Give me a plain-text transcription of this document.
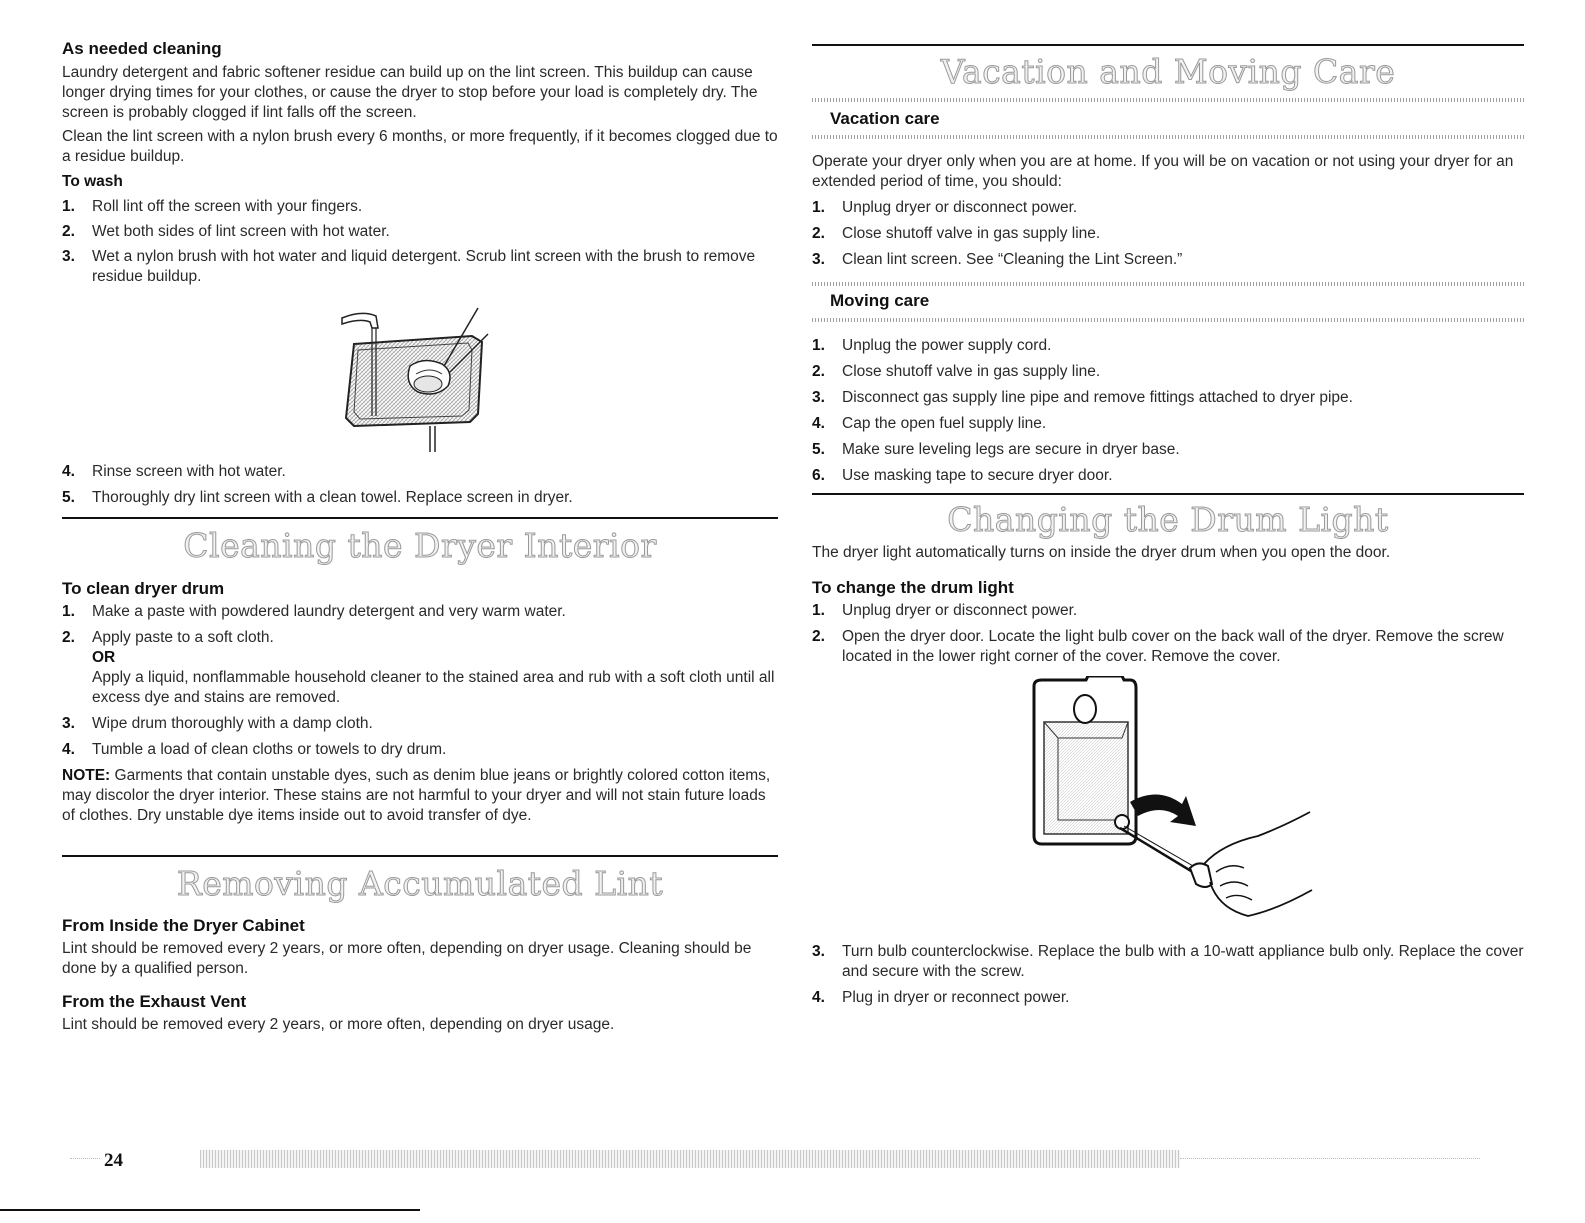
As needed cleaning

Laundry detergent and fabric softener residue can build up on the lint screen. This buildup can cause longer drying times for your clothes, or cause the dryer to stop before your load is completely dry. The screen is probably clogged if lint falls off the screen.

Clean the lint screen with a nylon brush every 6 months, or more frequently, if it becomes clogged due to a residue buildup.

To wash
1.	Roll lint off the screen with your fingers.
2.	Wet both sides of lint screen with hot water.
3.	Wet a nylon brush with hot water and liquid detergent. Scrub lint screen with the brush to remove residue buildup.
4.	Rinse screen with hot water.
5.	Thoroughly dry lint screen with a clean towel. Replace screen in dryer.
Cleaning the Dryer Interior
To clean dryer drum
1.	Make a paste with powdered laundry detergent and very warm water.
2.	Apply paste to a soft cloth.
OR
Apply a liquid, nonflammable household cleaner to the stained area and rub with a soft cloth until all excess dye and stains are removed.
3.	Wipe drum thoroughly with a damp cloth.
4.	Tumble a load of clean cloths or towels to dry drum.

NOTE: Garments that contain unstable dyes, such as denim blue jeans or brightly colored cotton items, may discolor the dryer interior. These stains are not harmful to your dryer and will not stain future loads of clothes. Dry unstable dye items inside out to avoid transfer of dye.

Removing Accumulated Lint
From Inside the Dryer Cabinet

Lint should be removed every 2 years, or more often, depending on dryer usage. Cleaning should be done by a qualified person.

From the Exhaust Vent

Lint should be removed every 2 years, or more often, depending on dryer usage.

Vacation and Moving Care
Vacation care

Operate your dryer only when you are at home. If you will be on vacation or not using your dryer for an extended period of time, you should:

1.	Unplug dryer or disconnect power.
2.	Close shutoff valve in gas supply line.
3.	Clean lint screen. See “Cleaning the Lint Screen.”
Moving care
1.	Unplug the power supply cord.
2.	Close shutoff valve in gas supply line.
3.	Disconnect gas supply line pipe and remove fittings attached to dryer pipe.
4.	Cap the open fuel supply line.
5.	Make sure leveling legs are secure in dryer base.
6.	Use masking tape to secure dryer door.
Changing the Drum Light

The dryer light automatically turns on inside the dryer drum when you open the door.

To change the drum light
1.	Unplug dryer or disconnect power.
2.	Open the dryer door. Locate the light bulb cover on the back wall of the dryer. Remove the screw located in the lower right corner of the cover. Remove the cover.
3.	Turn bulb counterclockwise. Replace the bulb with a 10-watt appliance bulb only. Replace the cover and secure with the screw.
4.	Plug in dryer or reconnect power.
24
